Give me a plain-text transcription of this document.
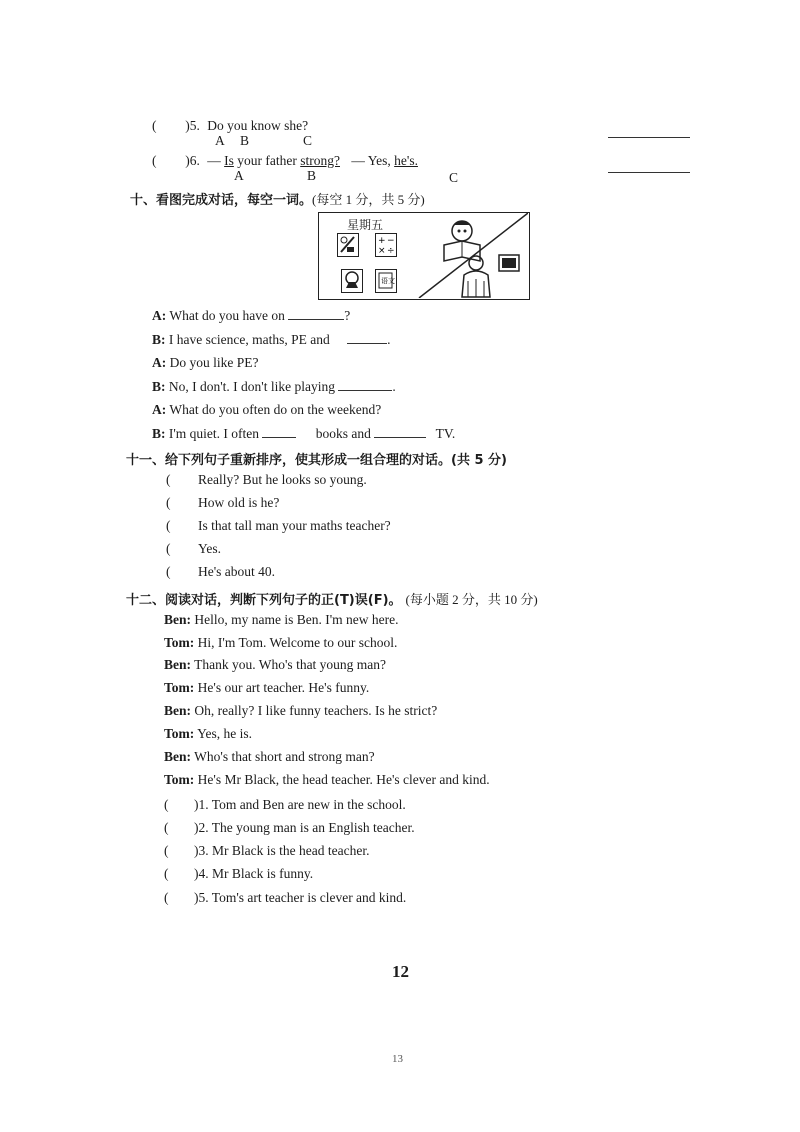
( )5. Do you know she?
A B	C
( )6. — Is your father strong? — Yes, he's.
A	B	C
十、看图完成对话，每空一词。(每空 1 分，共 5 分)
星期五
+ −
× ÷
语文
A: What do you have on	?
B: I have science, maths, PE and	.
A: Do you like PE?
B: No, I don't. I don't like playing	.
A: What do you often do on the weekend?
B: I'm quiet. I often	books and	TV.
十一、给下列句子重新排序，使其形成一组合理的对话。(共 5 分)
( Really? But he looks so young.
( How old is he?
( Is that tall man your maths teacher?
( Yes.
( He's about 40.
十二、阅读对话，判断下列句子的正(T)误(F)。 (每小题 2 分，共 10 分)
Ben: Hello, my name is Ben. I'm new here.
Tom: Hi, I'm Tom. Welcome to our school.
Ben: Thank you. Who's that young man?
Tom: He's our art teacher. He's funny.
Ben: Oh, really? I like funny teachers. Is he strict?
Tom: Yes, he is.
Ben: Who's that short and strong man?
Tom: He's Mr Black, the head teacher. He's clever and kind.
( )1. Tom and Ben are new in the school.
( )2. The young man is an English teacher.
( )3. Mr Black is the head teacher.
( )4. Mr Black is funny.
( )5. Tom's art teacher is clever and kind.
12
13
